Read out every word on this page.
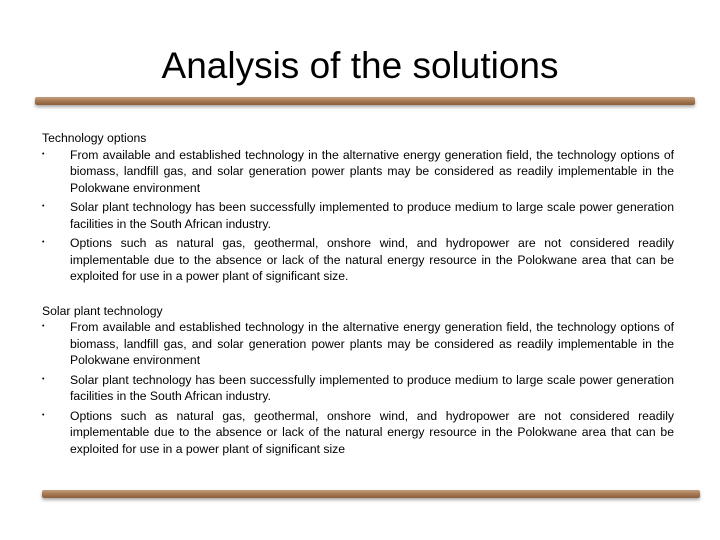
Analysis of the solutions

Technology options

• From available and established technology in the alternative energy generation field, the technology options of biomass, landfill gas, and solar generation power plants may be considered as readily implementable in the Polokwane environment
• Solar plant technology has been successfully implemented to produce medium to large scale power generation facilities in the South African industry.
• Options such as natural gas, geothermal, onshore wind, and hydropower are not considered readily implementable due to the absence or lack of the natural energy resource in the Polokwane area that can be exploited for use in a power plant of significant size.

Solar plant technology

• From available and established technology in the alternative energy generation field, the technology options of biomass, landfill gas, and solar generation power plants may be considered as readily implementable in the Polokwane environment
• Solar plant technology has been successfully implemented to produce medium to large scale power generation facilities in the South African industry.
• Options such as natural gas, geothermal, onshore wind, and hydropower are not considered readily implementable due to the absence or lack of the natural energy resource in the Polokwane area that can be exploited for use in a power plant of significant size
